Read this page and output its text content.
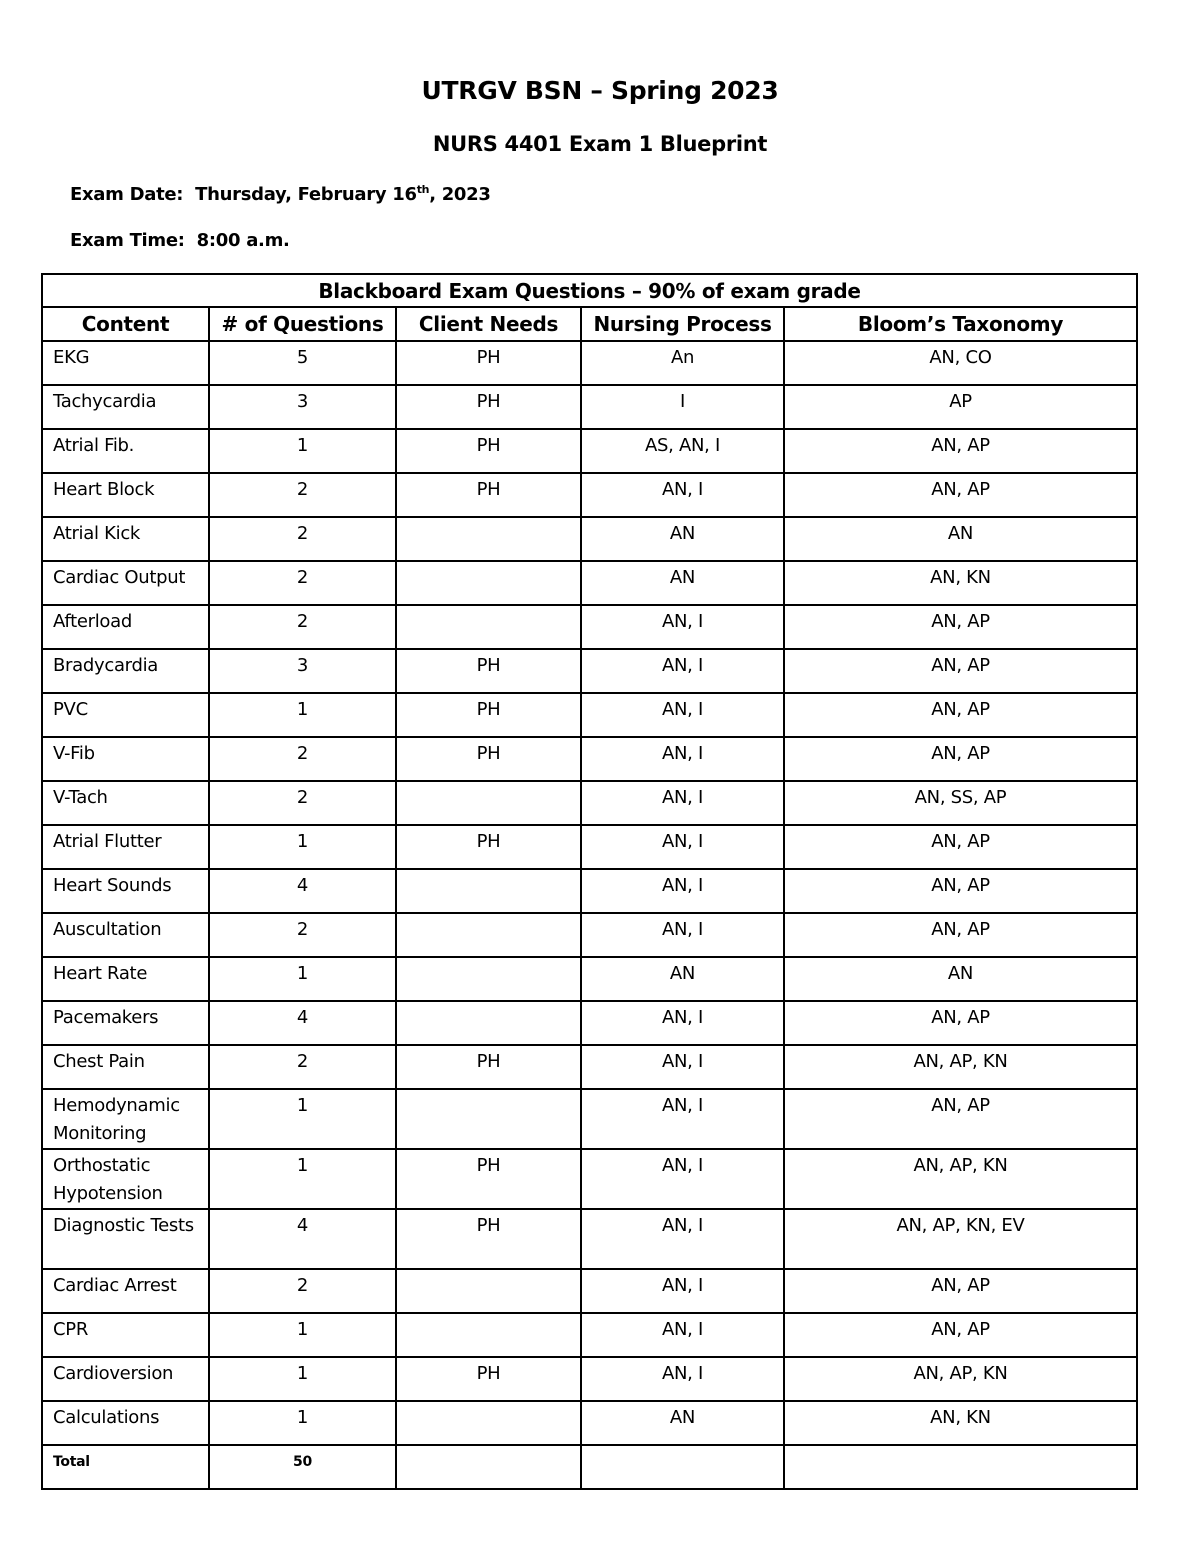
UTRGV BSN – Spring 2023
NURS 4401 Exam 1 Blueprint
Exam Date: Thursday, February 16th, 2023
Exam Time: 8:00 a.m.
Blackboard Exam Questions – 90% of exam grade				
Content	# of Questions	Client Needs	Nursing Process	Bloom’s Taxonomy
EKG	5	PH	An	AN, CO
Tachycardia	3	PH	I	AP
Atrial Fib.	1	PH	AS, AN, I	AN, AP
Heart Block	2	PH	AN, I	AN, AP
Atrial Kick	2		AN	AN
Cardiac Output	2		AN	AN, KN
Afterload	2		AN, I	AN, AP
Bradycardia	3	PH	AN, I	AN, AP
PVC	1	PH	AN, I	AN, AP
V-Fib	2	PH	AN, I	AN, AP
V-Tach	2		AN, I	AN, SS, AP
Atrial Flutter	1	PH	AN, I	AN, AP
Heart Sounds	4		AN, I	AN, AP
Auscultation	2		AN, I	AN, AP
Heart Rate	1		AN	AN
Pacemakers	4		AN, I	AN, AP
Chest Pain	2	PH	AN, I	AN, AP, KN
Hemodynamic Monitoring	1		AN, I	AN, AP
Orthostatic Hypotension	1	PH	AN, I	AN, AP, KN
Diagnostic Tests	4	PH	AN, I	AN, AP, KN, EV
Cardiac Arrest	2		AN, I	AN, AP
CPR	1		AN, I	AN, AP
Cardioversion	1	PH	AN, I	AN, AP, KN
Calculations	1		AN	AN, KN
Total	50			
